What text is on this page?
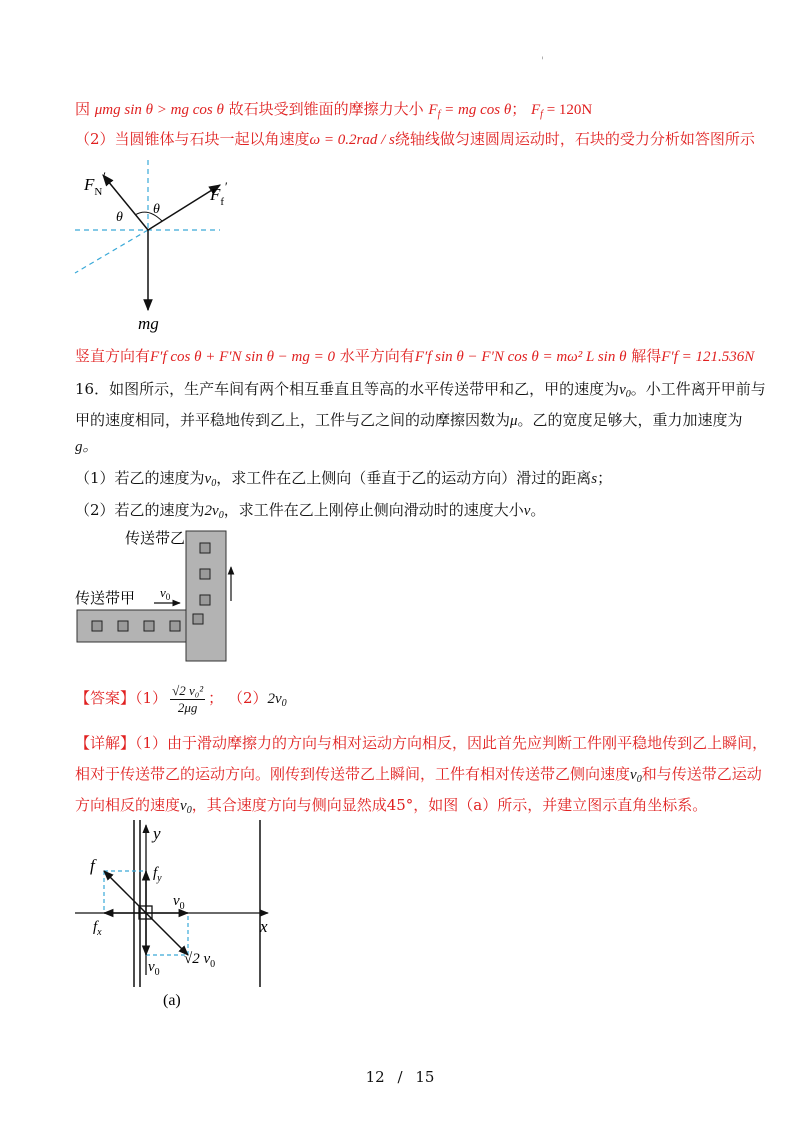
'
因 μmg sin θ > mg cos θ 故石块受到锥面的摩擦力大小 $F_f$ = mg cos θ； $F_f = 120N$
（2）当圆锥体与石块一起以角速度ω = 0.2rad / s绕轴线做匀速圆周运动时，石块的受力分析如答图所示
$F_N'$
$F_f'$
θ
θ
mg
竖直方向有F′f cos θ + F′N sin θ − mg = 0 水平方向有F′f sin θ − F′N cos θ = mω² L sin θ 解得F′f = 121.536N
16．如图所示，生产车间有两个相互垂直且等高的水平传送带甲和乙，甲的速度为$v_0$。小工件离开甲前与
甲的速度相同，并平稳地传到乙上，工件与乙之间的动摩擦因数为μ。乙的宽度足够大，重力加速度为
g。
（1）若乙的速度为$v_0$，求工件在乙上侧向（垂直于乙的运动方向）滑过的距离s；
（2）若乙的速度为$2v_0$，求工件在乙上刚停止侧向滑动时的速度大小v。
传送带乙
传送带甲 $v_0$
【答案】$(1) \frac{\text{√2 v₀²}}{2\mu g}$ ； $(2)2v_0$
【详解】（1）由于滑动摩擦力的方向与相对运动方向相反，因此首先应判断工件刚平稳地传到乙上瞬间，
相对于传送带乙的运动方向。刚传到传送带乙上瞬间，工件有相对传送带乙侧向速度$v_0$和与传送带乙运动
方向相反的速度$v_0$，其合速度方向与侧向显然成45°，如图（a）所示，并建立图示直角坐标系。
y
x
f	$f_y$
$f_x$
$v_0$
$v_0$
√2 $v_0$
(a)
12 / 15
